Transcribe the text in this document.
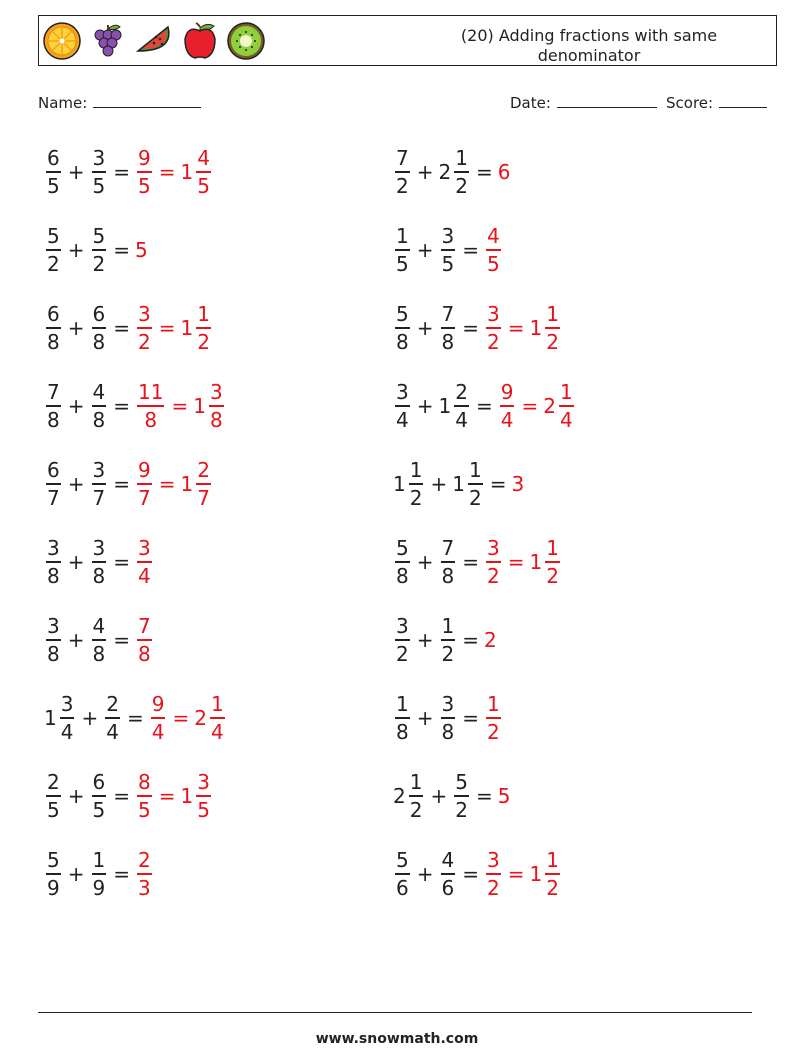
(20) Adding fractions with same denominator
Name:	Date:	Score:
$\frac{6}{5} + \frac{3}{5} = \frac{9}{5} = 1 \frac{4}{5}$	$\frac{7}{2} + 2 \frac{1}{2} = 6$
$\frac{5}{2} + \frac{5}{2} = 5$	$\frac{1}{5} + \frac{3}{5} = \frac{4}{5}$
$\frac{6}{8} + \frac{6}{8} = \frac{3}{2} = 1 \frac{1}{2}$	$\frac{5}{8} + \frac{7}{8} = \frac{3}{2} = 1 \frac{1}{2}$
$\frac{7}{8} + \frac{4}{8} = \frac{11}{8} = 1 \frac{3}{8}$	$\frac{3}{4} + 1 \frac{2}{4} = \frac{9}{4} = 2 \frac{1}{4}$
$\frac{6}{7} + \frac{3}{7} = \frac{9}{7} = 1 \frac{2}{7}$	$1 \frac{1}{2} + 1 \frac{1}{2} = 3$
$\frac{3}{8} + \frac{3}{8} = \frac{3}{4}$	$\frac{5}{8} + \frac{7}{8} = \frac{3}{2} = 1 \frac{1}{2}$
$\frac{3}{8} + \frac{4}{8} = \frac{7}{8}$	$\frac{3}{2} + \frac{1}{2} = 2$
$1 \frac{3}{4} + \frac{2}{4} = \frac{9}{4} = 2 \frac{1}{4}$	$\frac{1}{8} + \frac{3}{8} = \frac{1}{2}$
$\frac{2}{5} + \frac{6}{5} = \frac{8}{5} = 1 \frac{3}{5}$	$2 \frac{1}{2} + \frac{5}{2} = 5$
$\frac{5}{9} + \frac{1}{9} = \frac{2}{3}$	$\frac{5}{6} + \frac{4}{6} = \frac{3}{2} = 1 \frac{1}{2}$
www.snowmath.com
